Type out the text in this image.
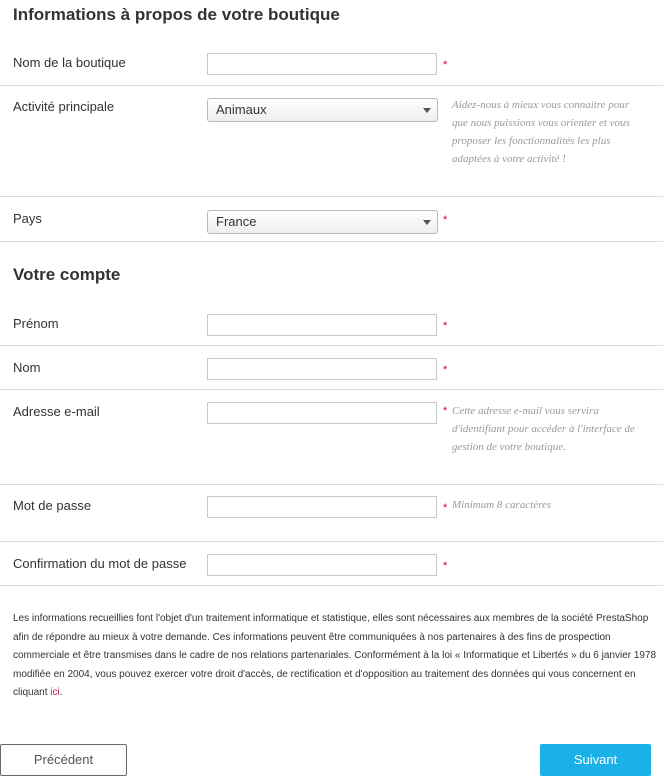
Informations à propos de votre boutique
Nom de la boutique	*
Activité principale	Animaux	Aidez-nous à mieux vous connaitre pour
que nous puissions vous orienter et vous
proposer les fonctionnalités les plus
adaptées à votre activité !
Pays	France	*
Votre compte
Prénom	*
Nom	*
Adresse e-mail	* Cette adresse e-mail vous servira
d'identifiant pour accéder à l'interface de
gestion de votre boutique.
Mot de passe	* Minimum 8 caractères
Confirmation du mot de passe	*
Les informations recueillies font l'objet d'un traitement informatique et statistique, elles sont nécessaires aux membres de la société PrestaShop afin de répondre au mieux à votre demande. Ces informations peuvent être communiquées à nos partenaires à des fins de prospection commerciale et être transmises dans le cadre de nos relations partenariales. Conformément à la loi « Informatique et Libertés » du 6 janvier 1978 modifiée en 2004, vous pouvez exercer votre droit d'accès, de rectification et d'opposition au traitement des données qui vous concernent en cliquant ici.
Précédent	Suivant
